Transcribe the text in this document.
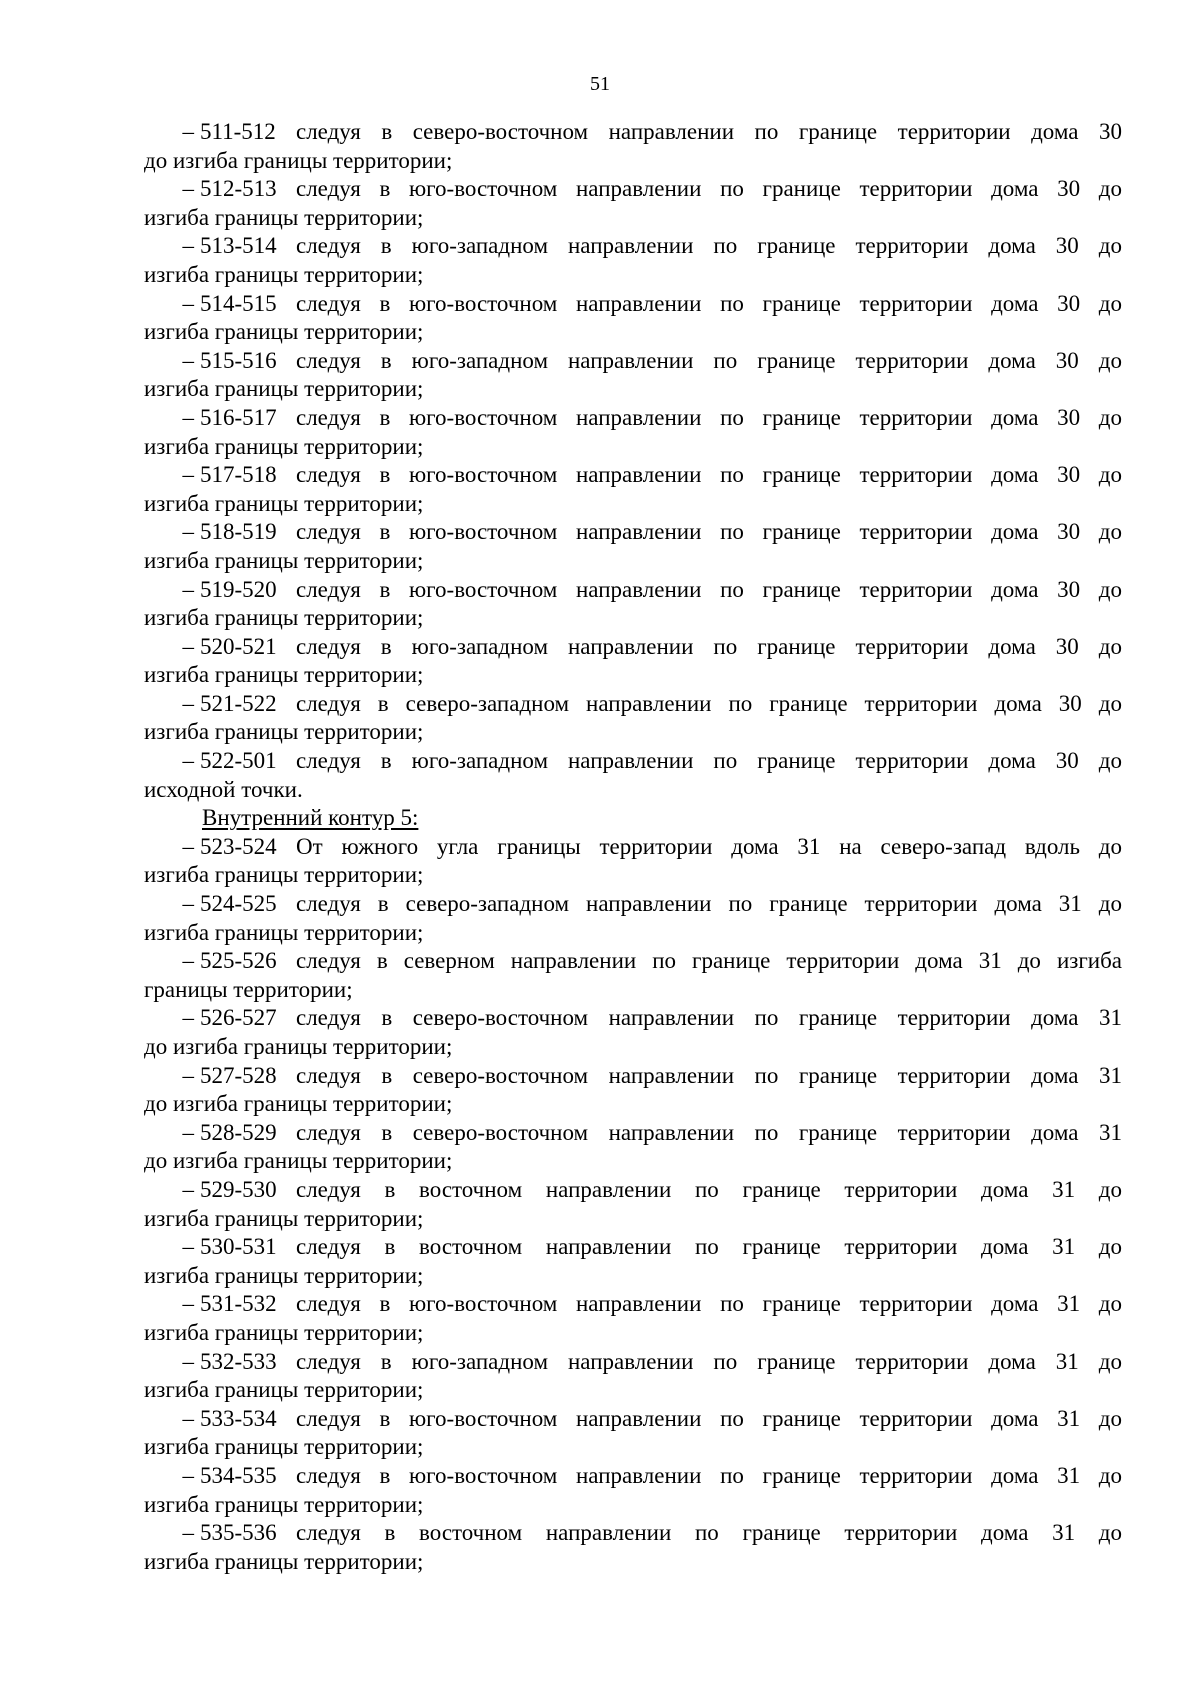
51
– 511-512 следуя в северо-восточном направлении по границе территории дома 30
до изгиба границы территории;
– 512-513 следуя в юго-восточном направлении по границе территории дома 30 до
изгиба границы территории;
– 513-514 следуя в юго-западном направлении по границе территории дома 30 до
изгиба границы территории;
– 514-515 следуя в юго-восточном направлении по границе территории дома 30 до
изгиба границы территории;
– 515-516 следуя в юго-западном направлении по границе территории дома 30 до
изгиба границы территории;
– 516-517 следуя в юго-восточном направлении по границе территории дома 30 до
изгиба границы территории;
– 517-518 следуя в юго-восточном направлении по границе территории дома 30 до
изгиба границы территории;
– 518-519 следуя в юго-восточном направлении по границе территории дома 30 до
изгиба границы территории;
– 519-520 следуя в юго-восточном направлении по границе территории дома 30 до
изгиба границы территории;
– 520-521 следуя в юго-западном направлении по границе территории дома 30 до
изгиба границы территории;
– 521-522 следуя в северо-западном направлении по границе территории дома 30 до
изгиба границы территории;
– 522-501 следуя в юго-западном направлении по границе территории дома 30 до
исходной точки.
Внутренний контур 5:
– 523-524 От южного угла границы территории дома 31 на северо-запад вдоль до
изгиба границы территории;
– 524-525 следуя в северо-западном направлении по границе территории дома 31 до
изгиба границы территории;
– 525-526 следуя в северном направлении по границе территории дома 31 до изгиба
границы территории;
– 526-527 следуя в северо-восточном направлении по границе территории дома 31
до изгиба границы территории;
– 527-528 следуя в северо-восточном направлении по границе территории дома 31
до изгиба границы территории;
– 528-529 следуя в северо-восточном направлении по границе территории дома 31
до изгиба границы территории;
– 529-530 следуя в восточном направлении по границе территории дома 31 до
изгиба границы территории;
– 530-531 следуя в восточном направлении по границе территории дома 31 до
изгиба границы территории;
– 531-532 следуя в юго-восточном направлении по границе территории дома 31 до
изгиба границы территории;
– 532-533 следуя в юго-западном направлении по границе территории дома 31 до
изгиба границы территории;
– 533-534 следуя в юго-восточном направлении по границе территории дома 31 до
изгиба границы территории;
– 534-535 следуя в юго-восточном направлении по границе территории дома 31 до
изгиба границы территории;
– 535-536 следуя в восточном направлении по границе территории дома 31 до
изгиба границы территории;
